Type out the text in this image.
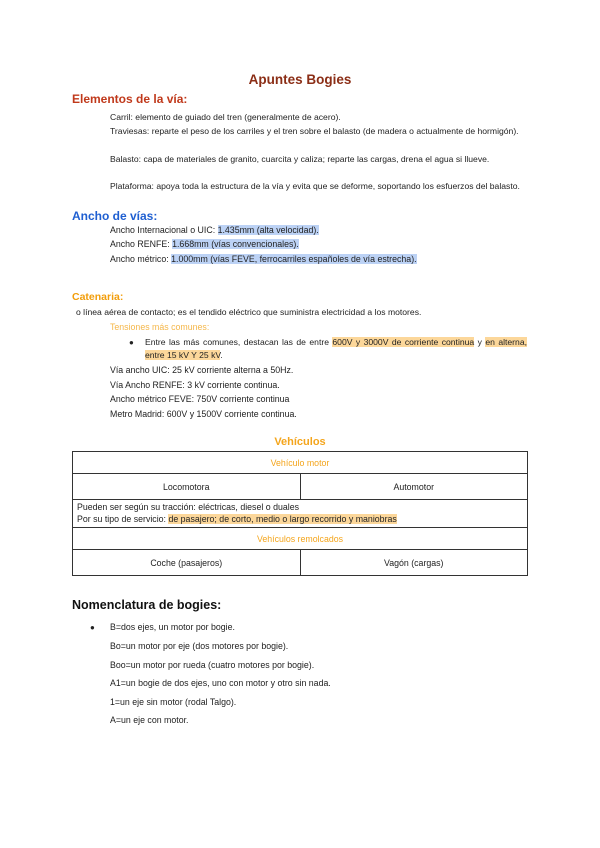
Apuntes Bogies
Elementos de la vía:
Carril: elemento de guiado del tren (generalmente de acero).
Traviesas: reparte el peso de los carriles y el tren sobre el balasto (de madera o actualmente de hormigón).
Balasto: capa de materiales de granito, cuarcita y caliza; reparte las cargas, drena el agua si llueve.
Plataforma: apoya toda la estructura de la vía y evita que se deforme, soportando los esfuerzos del balasto.
Ancho de vías:
Ancho Internacional o UIC: 1.435mm (alta velocidad).
Ancho RENFE: 1.668mm (vías convencionales).
Ancho métrico: 1.000mm (vías FEVE, ferrocarriles españoles de vía estrecha).
Catenaria:
o línea aérea de contacto; es el tendido eléctrico que suministra electricidad a los motores.
Tensiones más comunes:
● Entre las más comunes, destacan las de entre 600V y 3000V de corriente continua y en alterna, entre 15 kV Y 25 kV.
Vía ancho UIC: 25 kV corriente alterna a 50Hz.
Vía Ancho RENFE: 3 kV corriente continua.
Ancho métrico FEVE: 750V corriente continua
Metro Madrid: 600V y 1500V corriente continua.
Vehículos
Vehículo motor	
Locomotora	Automotor

Pueden ser según su tracción: eléctricas, diesel o duales
Por su tipo de servicio: de pasajero; de corto, medio o largo recorrido y maniobras	

Vehículos remolcados	
Coche (pasajeros)	Vagón (cargas)
Nomenclatura de bogies:
● B=dos ejes, un motor por bogie.
Bo=un motor por eje (dos motores por bogie).
Boo=un motor por rueda (cuatro motores por bogie).
A1=un bogie de dos ejes, uno con motor y otro sin nada.
1=un eje sin motor (rodal Talgo).
A=un eje con motor.
